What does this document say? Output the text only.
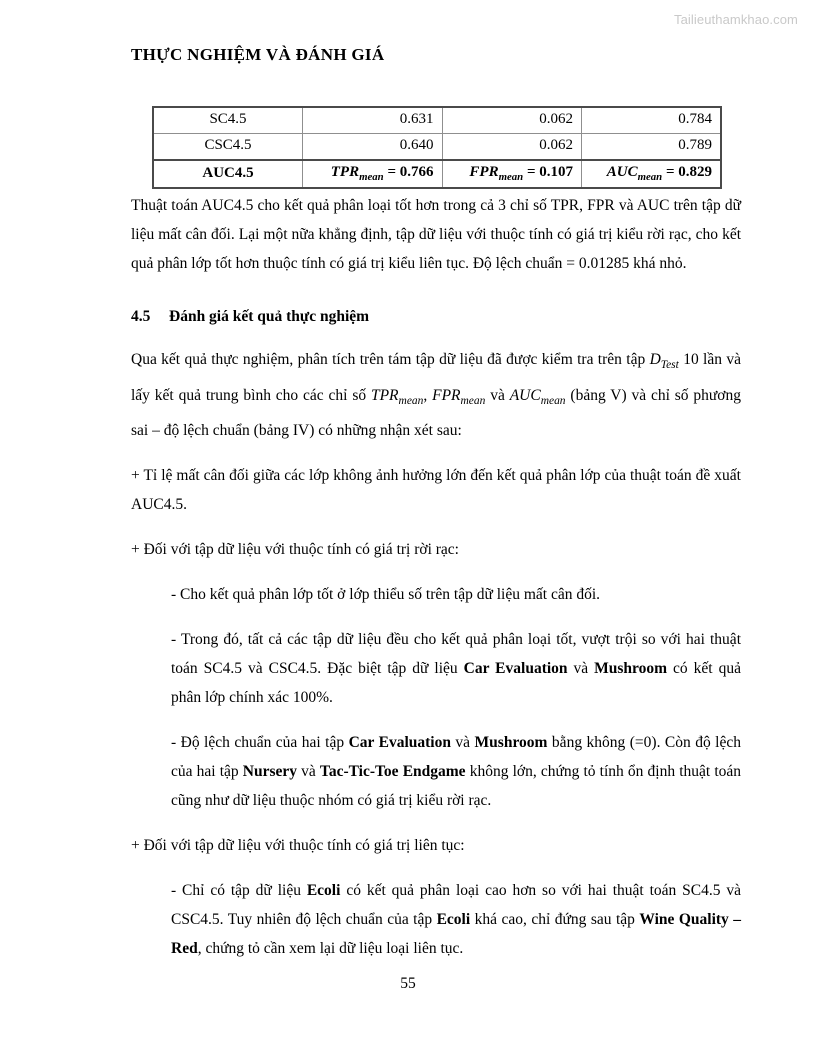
Tailieuthamkhao.com
THỰC NGHIỆM VÀ ĐÁNH GIÁ
SC4.5	0.631	0.062	0.784
CSC4.5	0.640	0.062	0.789
AUC4.5	$TPR_{mean} = 0.766$	$FPR_{mean} = 0.107$	$AUC_{mean} = 0.829$

Thuật toán AUC4.5 cho kết quả phân loại tốt hơn trong cả 3 chỉ số TPR, FPR và AUC trên tập dữ liệu mất cân đối. Lại một nữa khẳng định, tập dữ liệu với thuộc tính có giá trị kiểu rời rạc, cho kết quả phân lớp tốt hơn thuộc tính có giá trị kiểu liên tục. Độ lệch chuẩn = 0.01285 khá nhỏ.

4.5 Đánh giá kết quả thực nghiệm

Qua kết quả thực nghiệm, phân tích trên tám tập dữ liệu đã được kiểm tra trên tập $D_{Test}$ 10 lần và lấy kết quả trung bình cho các chỉ số $TPR_{mean}$, $FPR_{mean}$ và $AUC_{mean}$ (bảng V) và chỉ số phương sai – độ lệch chuẩn (bảng IV) có những nhận xét sau:

+ Tỉ lệ mất cân đối giữa các lớp không ảnh hưởng lớn đến kết quả phân lớp của thuật toán đề xuất AUC4.5.

+ Đối với tập dữ liệu với thuộc tính có giá trị rời rạc:

- Cho kết quả phân lớp tốt ở lớp thiểu số trên tập dữ liệu mất cân đối.

- Trong đó, tất cả các tập dữ liệu đều cho kết quả phân loại tốt, vượt trội so với hai thuật toán SC4.5 và CSC4.5. Đặc biệt tập dữ liệu Car Evaluation và Mushroom có kết quả phân lớp chính xác 100%.

- Độ lệch chuẩn của hai tập Car Evaluation và Mushroom bằng không (=0). Còn độ lệch của hai tập Nursery và Tac-Tic-Toe Endgame không lớn, chứng tỏ tính ổn định thuật toán cũng như dữ liệu thuộc nhóm có giá trị kiểu rời rạc.

+ Đối với tập dữ liệu với thuộc tính có giá trị liên tục:

- Chỉ có tập dữ liệu Ecoli có kết quả phân loại cao hơn so với hai thuật toán SC4.5 và CSC4.5. Tuy nhiên độ lệch chuẩn của tập Ecoli khá cao, chỉ đứng sau tập Wine Quality – Red, chứng tỏ cần xem lại dữ liệu loại liên tục.

55
